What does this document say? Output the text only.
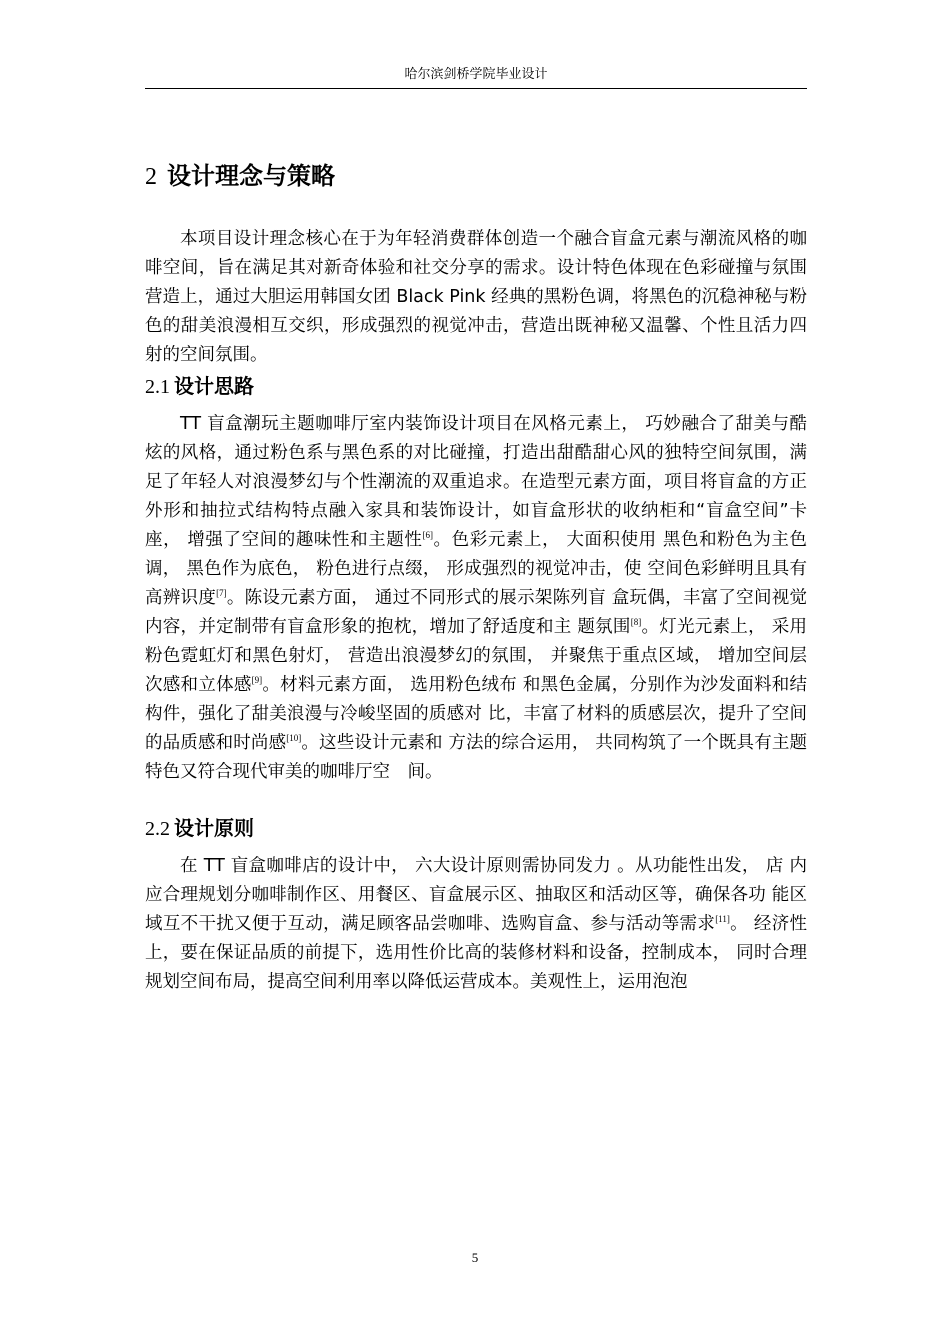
哈尔滨剑桥学院毕业设计
2 设计理念与策略

本项目设计理念核心在于为年轻消费群体创造一个融合盲盒元素与潮流风格的咖啡空间，旨在满足其对新奇体验和社交分享的需求。设计特色体现在色彩碰撞与氛围营造上，通过大胆运用韩国女团 Black Pink 经典的黑粉色调，将黑色的沉稳神秘与粉色的甜美浪漫相互交织，形成强烈的视觉冲击，营造出既神秘又温馨、个性且活力四射的空间氛围。

2.1 设计思路

TT 盲盒潮玩主题咖啡厅室内装饰设计项目在风格元素上， 巧妙融合了甜美与酷炫的风格，通过粉色系与黑色系的对比碰撞，打造出甜酷甜心风的独特空间氛围，满足了年轻人对浪漫梦幻与个性潮流的双重追求。在造型元素方面，项目将盲盒的方正外形和抽拉式结构特点融入家具和装饰设计，如盲盒形状的收纳柜和“盲盒空间”卡座， 增强了空间的趣味性和主题性[6]。色彩元素上， 大面积使用 黑色和粉色为主色调， 黑色作为底色， 粉色进行点缀， 形成强烈的视觉冲击，使 空间色彩鲜明且具有高辨识度[7]。陈设元素方面， 通过不同形式的展示架陈列盲 盒玩偶，丰富了空间视觉内容，并定制带有盲盒形象的抱枕，增加了舒适度和主 题氛围[8]。灯光元素上， 采用粉色霓虹灯和黑色射灯， 营造出浪漫梦幻的氛围， 并聚焦于重点区域， 增加空间层次感和立体感[9]。材料元素方面， 选用粉色绒布 和黑色金属，分别作为沙发面料和结构件，强化了甜美浪漫与冷峻坚固的质感对 比，丰富了材料的质感层次，提升了空间的品质感和时尚感[10]。这些设计元素和 方法的综合运用， 共同构筑了一个既具有主题特色又符合现代审美的咖啡厅空　间。

2.2 设计原则

在 TT 盲盒咖啡店的设计中， 六大设计原则需协同发力 。从功能性出发， 店 内应合理规划分咖啡制作区、用餐区、盲盒展示区、抽取区和活动区等，确保各功 能区域互不干扰又便于互动，满足顾客品尝咖啡、选购盲盒、参与活动等需求[11]。 经济性上，要在保证品质的前提下，选用性价比高的装修材料和设备，控制成本， 同时合理规划空间布局，提高空间利用率以降低运营成本。美观性上，运用泡泡

5
